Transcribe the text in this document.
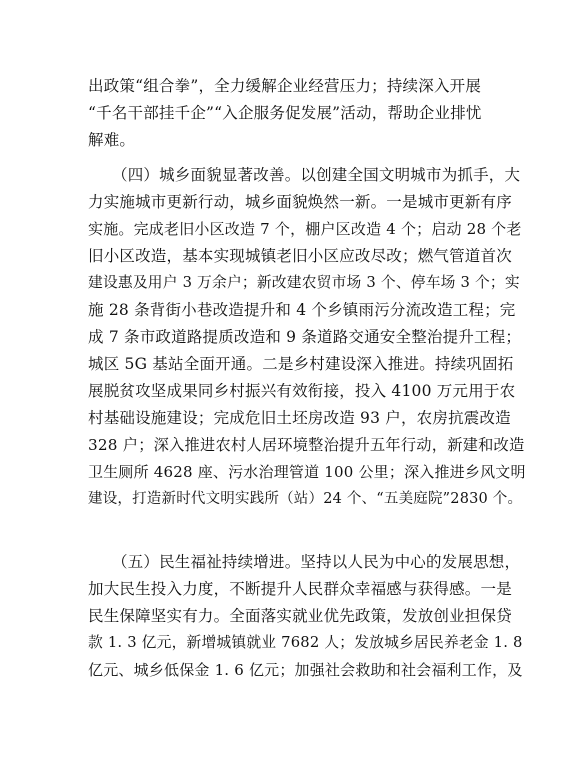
出政策“组合拳”，全力缓解企业经营压力；持续深入开展
“千名干部挂千企”“入企服务促发展”活动，帮助企业排忧
解难。
（四）城乡面貌显著改善。以创建全国文明城市为抓手，大
力实施城市更新行动，城乡面貌焕然一新。一是城市更新有序
实施。完成老旧小区改造 7 个，棚户区改造 4 个；启动 28 个老
旧小区改造，基本实现城镇老旧小区应改尽改；燃气管道首次
建设惠及用户 3 万余户；新改建农贸市场 3 个、停车场 3 个；实
施 28 条背街小巷改造提升和 4 个乡镇雨污分流改造工程；完
成 7 条市政道路提质改造和 9 条道路交通安全整治提升工程；
城区 5G 基站全面开通。二是乡村建设深入推进。持续巩固拓
展脱贫攻坚成果同乡村振兴有效衔接，投入 4100 万元用于农
村基础设施建设；完成危旧土坯房改造 93 户，农房抗震改造
328 户；深入推进农村人居环境整治提升五年行动，新建和改造
卫生厕所 4628 座、污水治理管道 100 公里；深入推进乡风文明
建设，打造新时代文明实践所（站）24 个、“五美庭院”2830 个。
（五）民生福祉持续增进。坚持以人民为中心的发展思想，
加大民生投入力度，不断提升人民群众幸福感与获得感。一是
民生保障坚实有力。全面落实就业优先政策，发放创业担保贷
款 1. 3 亿元，新增城镇就业 7682 人；发放城乡居民养老金 1. 8
亿元、城乡低保金 1. 6 亿元；加强社会救助和社会福利工作，及
